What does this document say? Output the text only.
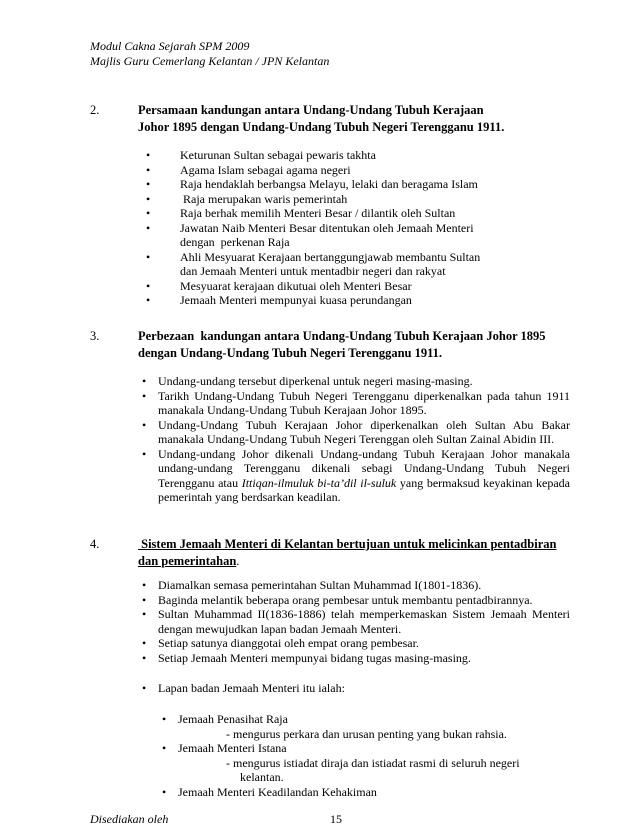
Modul Cakna Sejarah SPM 2009
Majlis Guru Cemerlang Kelantan / JPN Kelantan
2.	Persamaan kandungan antara Undang-Undang Tubuh Kerajaan
Johor 1895 dengan Undang-Undang Tubuh Negeri Terengganu 1911.
• Keturunan Sultan sebagai pewaris takhta
• Agama Islam sebagai agama negeri
• Raja hendaklah berbangsa Melayu, lelaki dan beragama Islam
• Raja merupakan waris pemerintah
• Raja berhak memilih Menteri Besar / dilantik oleh Sultan
• Jawatan Naib Menteri Besar ditentukan oleh Jemaah Menteri
dengan  perkenan Raja
• Ahli Mesyuarat Kerajaan bertanggungjawab membantu Sultan
dan Jemaah Menteri untuk mentadbir negeri dan rakyat
• Mesyuarat kerajaan dikutuai oleh Menteri Besar
• Jemaah Menteri mempunyai kuasa perundangan
3.	Perbezaan  kandungan antara Undang-Undang Tubuh Kerajaan Johor 1895
dengan Undang-Undang Tubuh Negeri Terengganu 1911.
• Undang-undang tersebut diperkenal untuk negeri masing-masing.
• Tarikh Undang-Undang Tubuh Negeri Terengganu diperkenalkan pada tahun 1911 manakala Undang-Undang Tubuh Kerajaan Johor 1895.
• Undang-Undang Tubuh Kerajaan Johor diperkenalkan oleh Sultan Abu Bakar manakala Undang-Undang Tubuh Negeri Terenggan oleh Sultan Zainal Abidin III.
• Undang-undang Johor dikenali Undang-undang Tubuh Kerajaan Johor manakala undang-undang Terengganu dikenali sebagi Undang-Undang Tubuh Negeri Terengganu atau Ittiqan-ilmuluk bi-ta’dil il-suluk yang bermaksud keyakinan kepada pemerintah yang berdsarkan keadilan.
4.	Sistem Jemaah Menteri di Kelantan bertujuan untuk melicinkan pentadbiran
dan pemerintahan.
• Diamalkan semasa pemerintahan Sultan Muhammad I(1801-1836).
• Baginda melantik beberapa orang pembesar untuk membantu pentadbirannya.
• Sultan Muhammad II(1836-1886) telah memperkemaskan Sistem Jemaah Menteri dengan mewujudkan lapan badan Jemaah Menteri.
• Setiap satunya dianggotai oleh empat orang pembesar.
• Setiap Jemaah Menteri mempunyai bidang tugas masing-masing.
• Lapan badan Jemaah Menteri itu ialah:
• Jemaah Penasihat Raja
- mengurus perkara dan urusan penting yang bukan rahsia.
• Jemaah Menteri Istana
- mengurus istiadat diraja dan istiadat rasmi di seluruh negeri
kelantan.
• Jemaah Menteri Keadilandan Kehakiman
Disediakan oleh	15
